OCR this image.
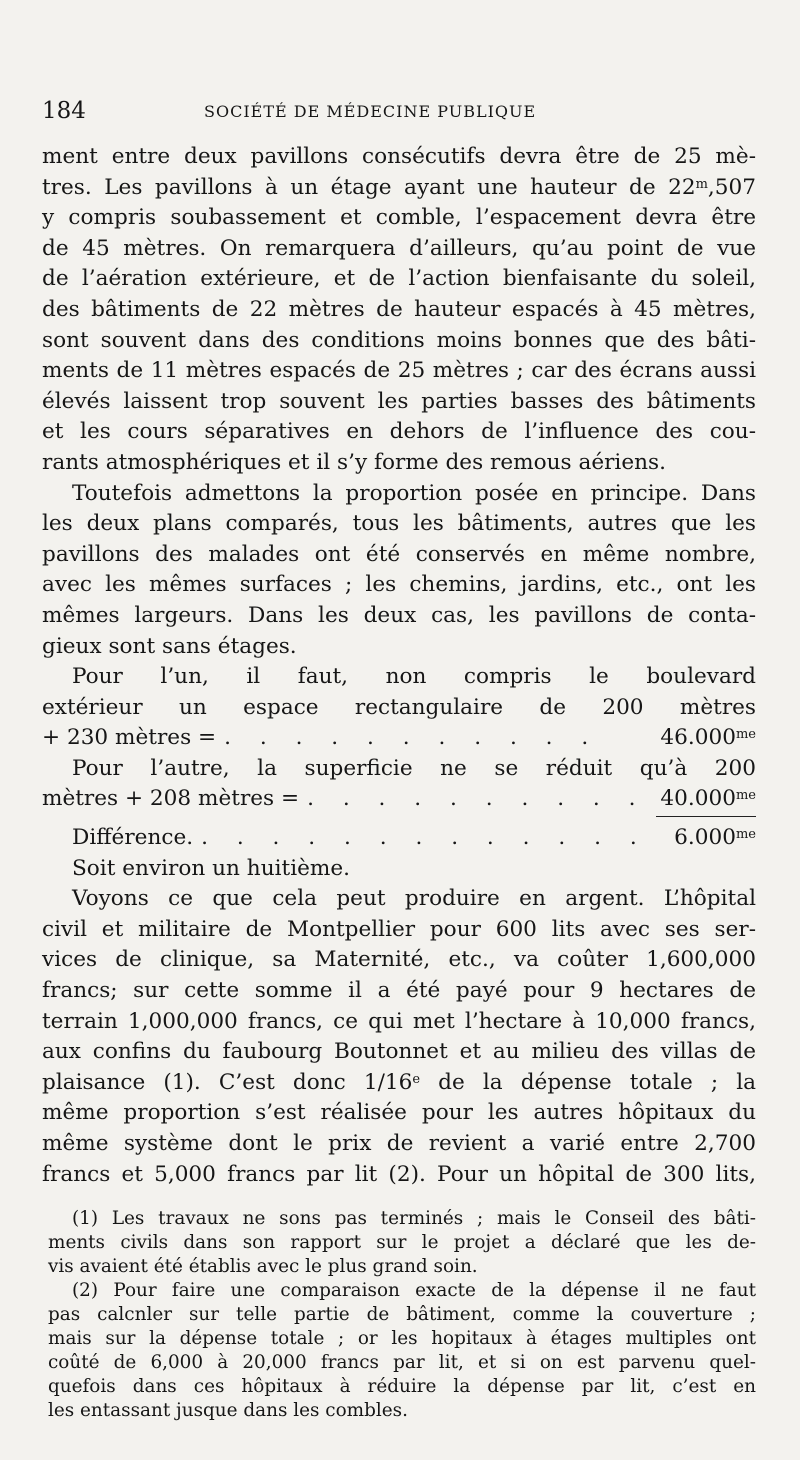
184	SOCIÉTÉ DE MÉDECINE PUBLIQUE
ment entre deux pavillons consécutifs devra être de 25 mè-
tres. Les pavillons à un étage ayant une hauteur de 22$^m$,507
y compris soubassement et comble, l’espacement devra être
de 45 mètres. On remarquera d’ailleurs, qu’au point de vue
de l’aération extérieure, et de l’action bienfaisante du soleil,
des bâtiments de 22 mètres de hauteur espacés à 45 mètres,
sont souvent dans des conditions moins bonnes que des bâti-
ments de 11 mètres espacés de 25 mètres ; car des écrans aussi
élevés laissent trop souvent les parties basses des bâtiments
et les cours séparatives en dehors de l’influence des cou-
rants atmosphériques et il s’y forme des remous aériens.
Toutefois admettons la proportion posée en principe. Dans
les deux plans comparés, tous les bâtiments, autres que les
pavillons des malades ont été conservés en même nombre,
avec les mêmes surfaces ; les chemins, jardins, etc., ont les
mêmes largeurs. Dans les deux cas, les pavillons de conta-
gieux sont sans étages.
Pour l’un, il faut, non compris le boulevard
extérieur un espace rectangulaire de 200 mètres
+ 230 mètres = . . . . . . . . . . .	$46.000^{me}$
Pour l’autre, la superficie ne se réduit qu’à 200
mètres + 208 mètres = . . . . . . . . . . $40.000^{me}$
Différence. . . . . . . . . . . . . .	$6.000^{me}$
Soit environ un huitième.
Voyons ce que cela peut produire en argent. L’hôpital
civil et militaire de Montpellier pour 600 lits avec ses ser-
vices de clinique, sa Maternité, etc., va coûter 1,600,000
francs; sur cette somme il a été payé pour 9 hectares de
terrain 1,000,000 francs, ce qui met l’hectare à 10,000 francs,
aux confins du faubourg Boutonnet et au milieu des villas de
plaisance (1). C’est donc 1/16e de la dépense totale ; la
même proportion s’est réalisée pour les autres hôpitaux du
même système dont le prix de revient a varié entre 2,700
francs et 5,000 francs par lit (2). Pour un hôpital de 300 lits,
(1) Les travaux ne sons pas terminés ; mais le Conseil des bâti-
ments civils dans son rapport sur le projet a déclaré que les de-
vis avaient été établis avec le plus grand soin.
(2) Pour faire une comparaison exacte de la dépense il ne faut
pas calcnler sur telle partie de bâtiment, comme la couverture ;
mais sur la dépense totale ; or les hopitaux à étages multiples ont
coûté de 6,000 à 20,000 francs par lit, et si on est parvenu quel-
quefois dans ces hôpitaux à réduire la dépense par lit, c’est en
les entassant jusque dans les combles.
